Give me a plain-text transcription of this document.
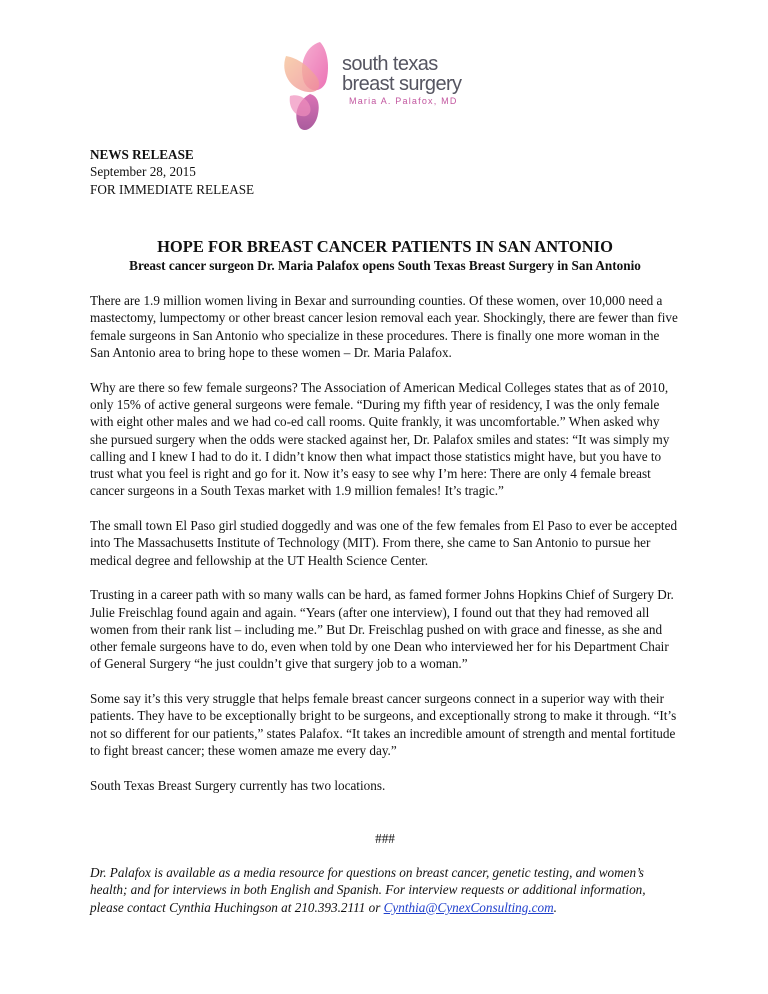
south texas
breast surgery
Maria A. Palafox, MD

NEWS RELEASE

September 28, 2015

FOR IMMEDIATE RELEASE

HOPE FOR BREAST CANCER PATIENTS IN SAN ANTONIO

Breast cancer surgeon Dr. Maria Palafox opens South Texas Breast Surgery in San Antonio

There are 1.9 million women living in Bexar and surrounding counties. Of these women, over 10,000 need a mastectomy, lumpectomy or other breast cancer lesion removal each year. Shockingly, there are fewer than five female surgeons in San Antonio who specialize in these procedures. There is finally one more woman in the San Antonio area to bring hope to these women – Dr. Maria Palafox.

Why are there so few female surgeons? The Association of American Medical Colleges states that as of 2010, only 15% of active general surgeons were female. “During my fifth year of residency, I was the only female with eight other males and we had co-ed call rooms. Quite frankly, it was uncomfortable.” When asked why she pursued surgery when the odds were stacked against her, Dr. Palafox smiles and states: “It was simply my calling and I knew I had to do it. I didn’t know then what impact those statistics might have, but you have to trust what you feel is right and go for it. Now it’s easy to see why I’m here: There are only 4 female breast cancer surgeons in a South Texas market with 1.9 million females! It’s tragic.”

The small town El Paso girl studied doggedly and was one of the few females from El Paso to ever be accepted into The Massachusetts Institute of Technology (MIT). From there, she came to San Antonio to pursue her medical degree and fellowship at the UT Health Science Center.

Trusting in a career path with so many walls can be hard, as famed former Johns Hopkins Chief of Surgery Dr. Julie Freischlag found again and again. “Years (after one interview), I found out that they had removed all women from their rank list – including me.” But Dr. Freischlag pushed on with grace and finesse, as she and other female surgeons have to do, even when told by one Dean who interviewed her for his Department Chair of General Surgery “he just couldn’t give that surgery job to a woman.”

Some say it’s this very struggle that helps female breast cancer surgeons connect in a superior way with their patients. They have to be exceptionally bright to be surgeons, and exceptionally strong to make it through. “It’s not so different for our patients,” states Palafox. “It takes an incredible amount of strength and mental fortitude to fight breast cancer; these women amaze me every day.”

South Texas Breast Surgery currently has two locations.

###

Dr. Palafox is available as a media resource for questions on breast cancer, genetic testing, and women’s health; and for interviews in both English and Spanish. For interview requests or additional information, please contact Cynthia Huchingson at 210.393.2111 or Cynthia@CynexConsulting.com.
